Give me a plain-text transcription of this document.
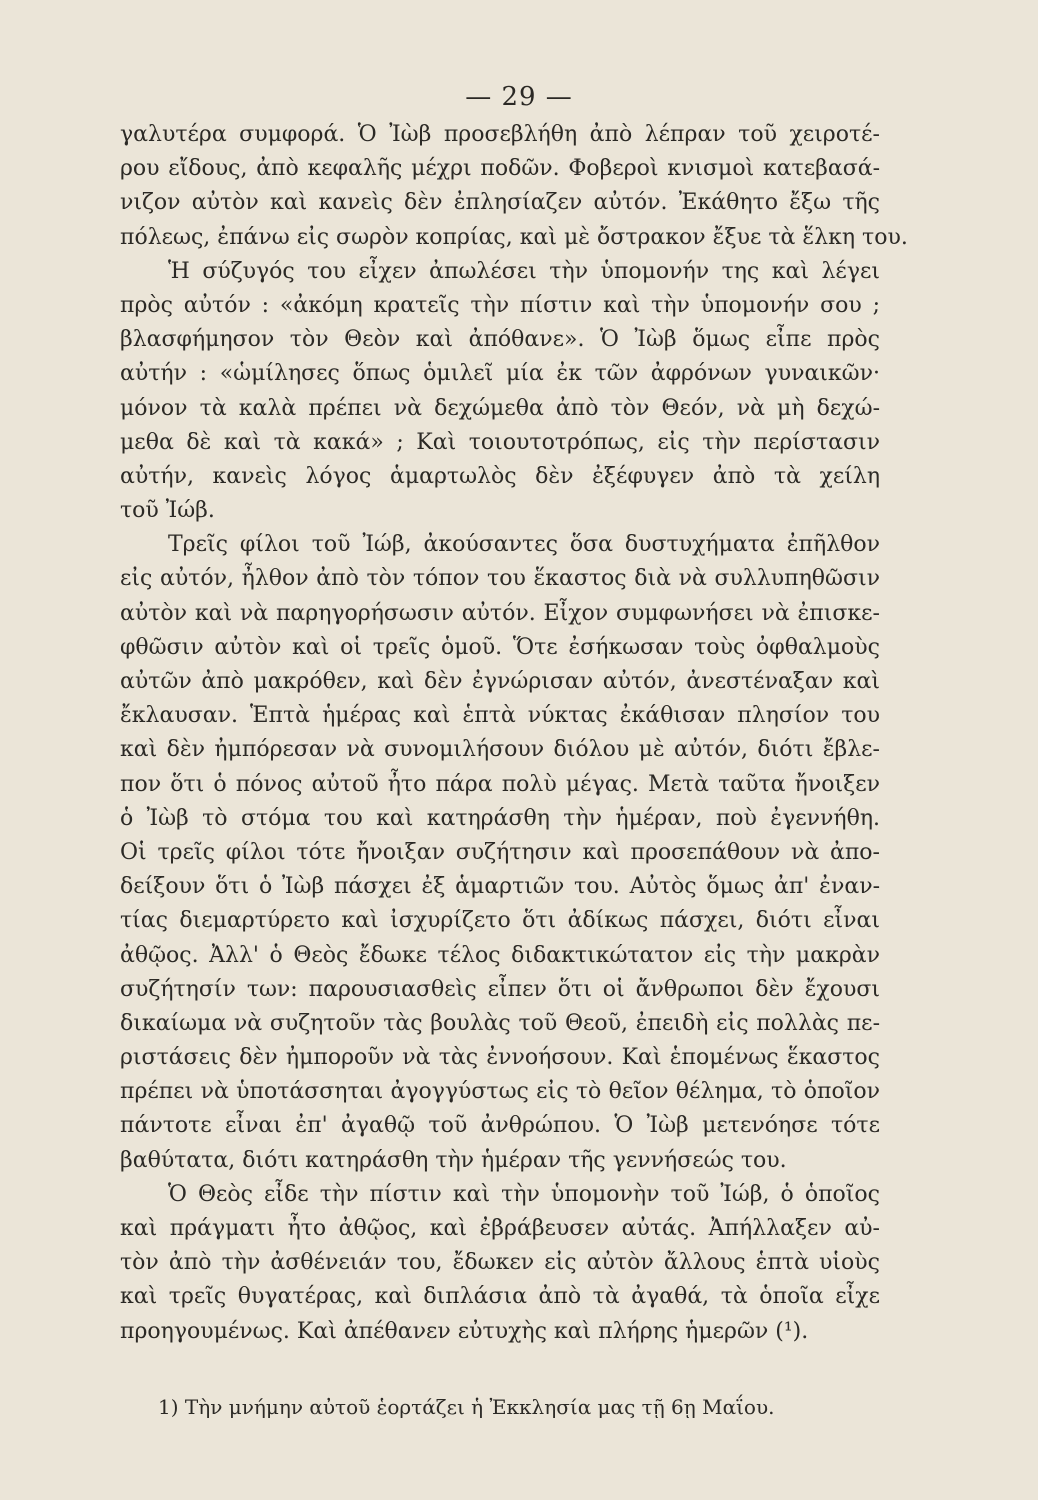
— 29 —
γαλυτέρα συμφορά. Ὁ Ἰὼβ προσεβλήθη ἀπὸ λέπραν τοῦ χειροτέ-
ρου εἴδους, ἀπὸ κεφαλῆς μέχρι ποδῶν. Φοβεροὶ κνισμοὶ κατεβασά-
νιζον αὐτὸν καὶ κανεὶς δὲν ἐπλησίαζεν αὐτόν. Ἐκάθητο ἔξω τῆς
πόλεως, ἐπάνω εἰς σωρὸν κοπρίας, καὶ μὲ ὄστρακον ἔξυε τὰ ἕλκη του.
Ἡ σύζυγός του εἶχεν ἀπωλέσει τὴν ὑπομονήν της καὶ λέγει
πρὸς αὐτόν : «ἀκόμη κρατεῖς τὴν πίστιν καὶ τὴν ὑπομονήν σου ;
βλασφήμησον τὸν Θεὸν καὶ ἀπόθανε». Ὁ Ἰὼβ ὅμως εἶπε πρὸς
αὐτήν : «ὡμίλησες ὅπως ὁμιλεῖ μία ἐκ τῶν ἀφρόνων γυναικῶν·
μόνον τὰ καλὰ πρέπει νὰ δεχώμεθα ἀπὸ τὸν Θεόν, νὰ μὴ δεχώ-
μεθα δὲ καὶ τὰ κακά» ; Καὶ τοιουτοτρόπως, εἰς τὴν περίστασιν
αὐτήν, κανεὶς λόγος ἁμαρτωλὸς δὲν ἐξέφυγεν ἀπὸ τὰ χείλη
τοῦ Ἰώβ.
Τρεῖς φίλοι τοῦ Ἰώβ, ἀκούσαντες ὅσα δυστυχήματα ἐπῆλθον
εἰς αὐτόν, ἦλθον ἀπὸ τὸν τόπον του ἕκαστος διὰ νὰ συλλυπηθῶσιν
αὐτὸν καὶ νὰ παρηγορήσωσιν αὐτόν. Εἶχον συμφωνήσει νὰ ἐπισκε-
φθῶσιν αὐτὸν καὶ οἱ τρεῖς ὁμοῦ. Ὅτε ἐσήκωσαν τοὺς ὀφθαλμοὺς
αὐτῶν ἀπὸ μακρόθεν, καὶ δὲν ἐγνώρισαν αὐτόν, ἀνεστέναξαν καὶ
ἔκλαυσαν. Ἑπτὰ ἡμέρας καὶ ἑπτὰ νύκτας ἐκάθισαν πλησίον του
καὶ δὲν ἠμπόρεσαν νὰ συνομιλήσουν διόλου μὲ αὐτόν, διότι ἔβλε-
πον ὅτι ὁ πόνος αὐτοῦ ἦτο πάρα πολὺ μέγας. Μετὰ ταῦτα ἤνοιξεν
ὁ Ἰὼβ τὸ στόμα του καὶ κατηράσθη τὴν ἡμέραν, ποὺ ἐγεννήθη.
Οἱ τρεῖς φίλοι τότε ἤνοιξαν συζήτησιν καὶ προσεπάθουν νὰ ἀπο-
δείξουν ὅτι ὁ Ἰὼβ πάσχει ἐξ ἁμαρτιῶν του. Αὐτὸς ὅμως ἀπ' ἐναν-
τίας διεμαρτύρετο καὶ ἰσχυρίζετο ὅτι ἀδίκως πάσχει, διότι εἶναι
ἀθῷος. Ἀλλ' ὁ Θεὸς ἔδωκε τέλος διδακτικώτατον εἰς τὴν μακρὰν
συζήτησίν των: παρουσιασθεὶς εἶπεν ὅτι οἱ ἄνθρωποι δὲν ἔχουσι
δικαίωμα νὰ συζητοῦν τὰς βουλὰς τοῦ Θεοῦ, ἐπειδὴ εἰς πολλὰς πε-
ριστάσεις δὲν ἠμποροῦν νὰ τὰς ἐννοήσουν. Καὶ ἑπομένως ἕκαστος
πρέπει νὰ ὑποτάσσηται ἀγογγύστως εἰς τὸ θεῖον θέλημα, τὸ ὁποῖον
πάντοτε εἶναι ἐπ' ἀγαθῷ τοῦ ἀνθρώπου. Ὁ Ἰὼβ μετενόησε τότε
βαθύτατα, διότι κατηράσθη τὴν ἡμέραν τῆς γεννήσεώς του.
Ὁ Θεὸς εἶδε τὴν πίστιν καὶ τὴν ὑπομονὴν τοῦ Ἰώβ, ὁ ὁποῖος
καὶ πράγματι ἦτο ἀθῷος, καὶ ἐβράβευσεν αὐτάς. Ἀπήλλαξεν αὐ-
τὸν ἀπὸ τὴν ἀσθένειάν του, ἔδωκεν εἰς αὐτὸν ἄλλους ἑπτὰ υἱοὺς
καὶ τρεῖς θυγατέρας, καὶ διπλάσια ἀπὸ τὰ ἀγαθά, τὰ ὁποῖα εἶχε
προηγουμένως. Καὶ ἀπέθανεν εὐτυχὴς καὶ πλήρης ἡμερῶν (¹).
1) Τὴν μνήμην αὐτοῦ ἑορτάζει ἡ Ἐκκλησία μας τῇ 6ῃ Μαΐου.
